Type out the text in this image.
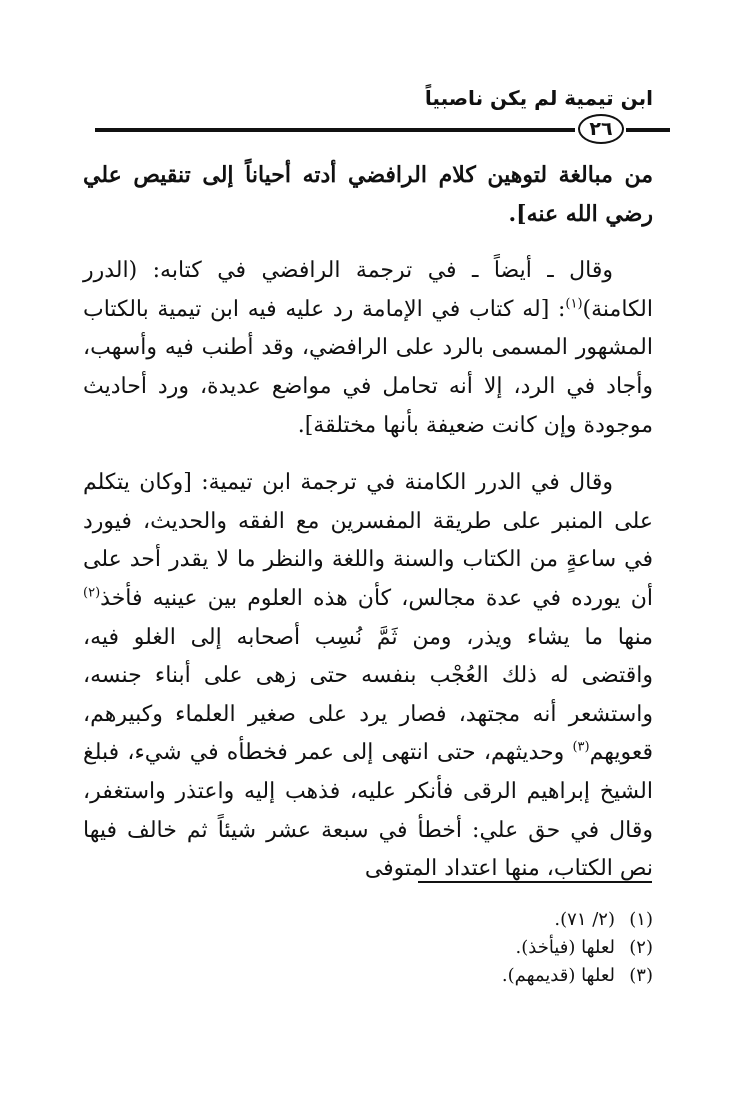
ابن تيمية لم يكن ناصبياً
٢٦

من مبالغة لتوهين كلام الرافضي أدته أحياناً إلى تنقيص علي رضي الله عنه].

وقال ـ أيضاً ـ في ترجمة الرافضي في كتابه: (الدرر الكامنة)$^{(١)}$: [له كتاب في الإمامة رد عليه فيه ابن تيمية بالكتاب المشهور المسمى بالرد على الرافضي، وقد أطنب فيه وأسهب، وأجاد في الرد، إلا أنه تحامل في مواضع عديدة، ورد أحاديث موجودة وإن كانت ضعيفة بأنها مختلقة].

وقال في الدرر الكامنة في ترجمة ابن تيمية: [وكان يتكلم على المنبر على طريقة المفسرين مع الفقه والحديث، فيورد في ساعةٍ من الكتاب والسنة واللغة والنظر ما لا يقدر أحد على أن يورده في عدة مجالس، كأن هذه العلوم بين عينيه فأخذ$^{(٢)}$ منها ما يشاء ويذر، ومن ثَمَّ نُسِب أصحابه إلى الغلو فيه، واقتضى له ذلك العُجْب بنفسه حتى زهى على أبناء جنسه، واستشعر أنه مجتهد، فصار يرد على صغير العلماء وكبيرهم، قعويهم$^{(٣)}$ وحديثهم، حتى انتهى إلى عمر فخطأه في شيء، فبلغ الشيخ إبراهيم الرقى فأنكر عليه، فذهب إليه واعتذر واستغفر، وقال في حق علي: أخطأ في سبعة عشر شيئاً ثم خالف فيها نص الكتاب، منها اعتداد المتوفى

(١)
(٢/ ٧١).
(٢)
لعلها (فيأخذ).
(٣)
لعلها (قديمهم).
